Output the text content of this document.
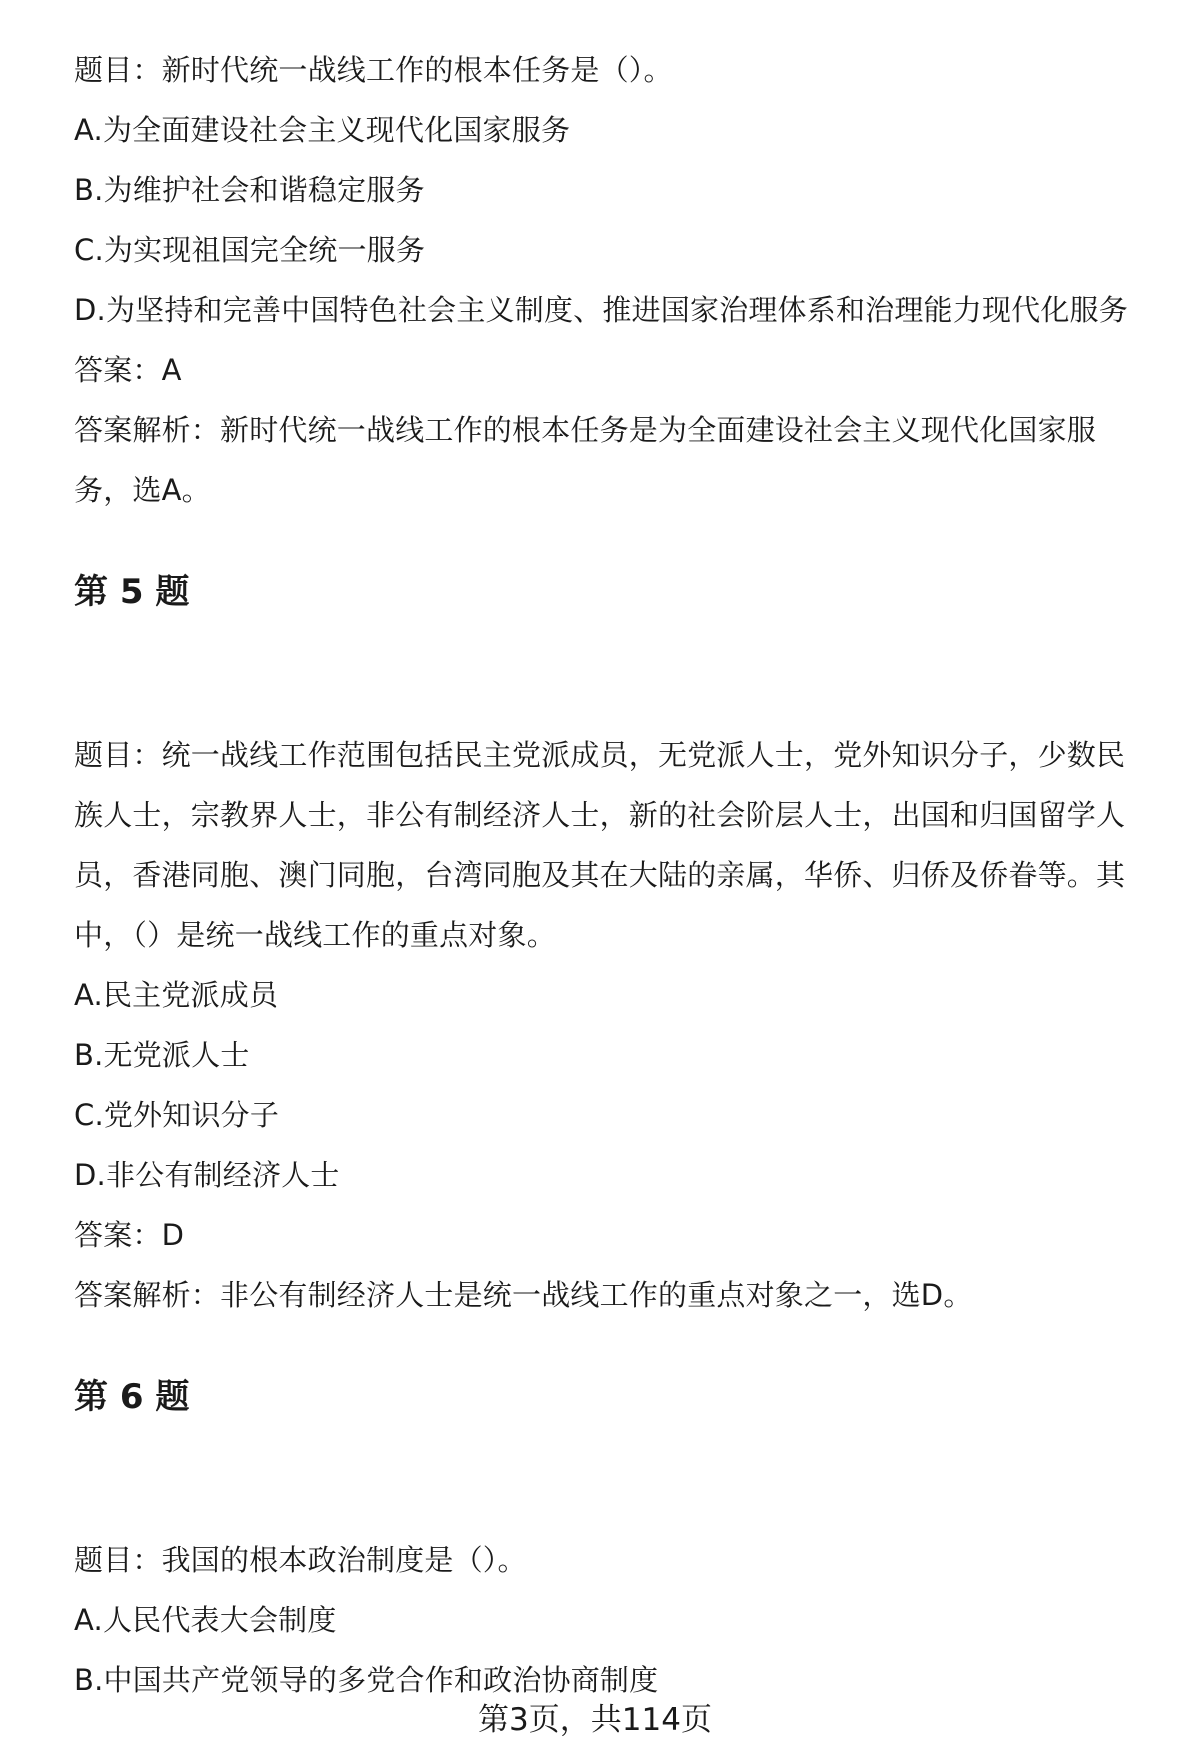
题目：新时代统一战线工作的根本任务是（）。
A.为全面建设社会主义现代化国家服务
B.为维护社会和谐稳定服务
C.为实现祖国完全统一服务
D.为坚持和完善中国特色社会主义制度、推进国家治理体系和治理能力现代化服务
答案：A
答案解析：新时代统一战线工作的根本任务是为全面建设社会主义现代化国家服
务，选A。
第 5 题
题目：统一战线工作范围包括民主党派成员，无党派人士，党外知识分子，少数民
族人士，宗教界人士，非公有制经济人士，新的社会阶层人士，出国和归国留学人
员，香港同胞、澳门同胞，台湾同胞及其在大陆的亲属，华侨、归侨及侨眷等。其
中，（）是统一战线工作的重点对象。
A.民主党派成员
B.无党派人士
C.党外知识分子
D.非公有制经济人士
答案：D
答案解析：非公有制经济人士是统一战线工作的重点对象之一，选D。
第 6 题
题目：我国的根本政治制度是（）。
A.人民代表大会制度
B.中国共产党领导的多党合作和政治协商制度
第3页，共114页
